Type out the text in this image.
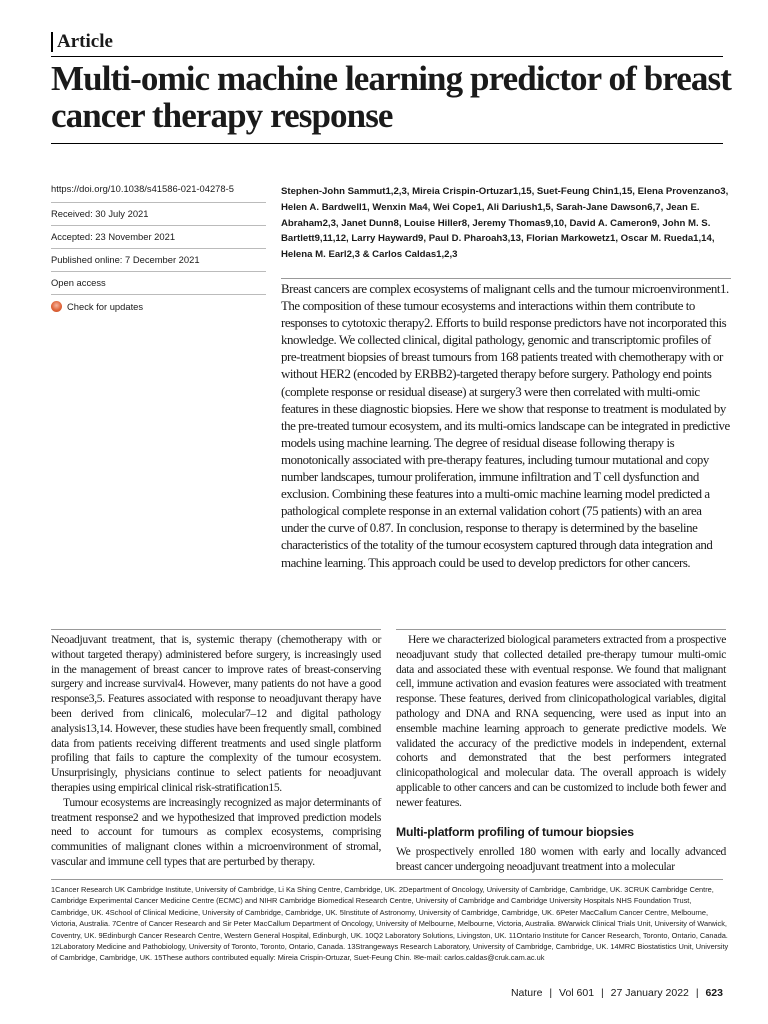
Article
Multi-omic machine learning predictor of breast cancer therapy response
https://doi.org/10.1038/s41586-021-04278-5
Received: 30 July 2021
Accepted: 23 November 2021
Published online: 7 December 2021
Open access
Check for updates
Stephen-John Sammut1,2,3, Mireia Crispin-Ortuzar1,15, Suet-Feung Chin1,15, Elena Provenzano3, Helen A. Bardwell1, Wenxin Ma4, Wei Cope1, Ali Dariush1,5, Sarah-Jane Dawson6,7, Jean E. Abraham2,3, Janet Dunn8, Louise Hiller8, Jeremy Thomas9,10, David A. Cameron9, John M. S. Bartlett9,11,12, Larry Hayward9, Paul D. Pharoah3,13, Florian Markowetz1, Oscar M. Rueda1,14, Helena M. Earl2,3 & Carlos Caldas1,2,3
Breast cancers are complex ecosystems of malignant cells and the tumour microenvironment1. The composition of these tumour ecosystems and interactions within them contribute to responses to cytotoxic therapy2. Efforts to build response predictors have not incorporated this knowledge. We collected clinical, digital pathology, genomic and transcriptomic profiles of pre-treatment biopsies of breast tumours from 168 patients treated with chemotherapy with or without HER2 (encoded by ERBB2)-targeted therapy before surgery. Pathology end points (complete response or residual disease) at surgery3 were then correlated with multi-omic features in these diagnostic biopsies. Here we show that response to treatment is modulated by the pre-treated tumour ecosystem, and its multi-omics landscape can be integrated in predictive models using machine learning. The degree of residual disease following therapy is monotonically associated with pre-therapy features, including tumour mutational and copy number landscapes, tumour proliferation, immune infiltration and T cell dysfunction and exclusion. Combining these features into a multi-omic machine learning model predicted a pathological complete response in an external validation cohort (75 patients) with an area under the curve of 0.87. In conclusion, response to therapy is determined by the baseline characteristics of the totality of the tumour ecosystem captured through data integration and machine learning. This approach could be used to develop predictors for other cancers.

Neoadjuvant treatment, that is, systemic therapy (chemotherapy with or without targeted therapy) administered before surgery, is increasingly used in the management of breast cancer to improve rates of breast-conserving surgery and increase survival4. However, many patients do not have a good response3,5. Features associated with response to neoadjuvant therapy have been derived from clinical6, molecular7–12 and digital pathology analysis13,14. However, these studies have been frequently small, combined data from patients receiving different treatments and used single platform profiling that fails to capture the complexity of the tumour ecosystem. Unsurprisingly, physicians continue to select patients for neoadjuvant therapies using empirical clinical risk-stratification15.

Tumour ecosystems are increasingly recognized as major determinants of treatment response2 and we hypothesized that improved prediction models need to account for tumours as complex ecosystems, comprising communities of malignant clones within a microenvironment of stromal, vascular and immune cell types that are perturbed by therapy.

Here we characterized biological parameters extracted from a prospective neoadjuvant study that collected detailed pre-therapy tumour multi-omic data and associated these with eventual response. We found that malignant cell, immune activation and evasion features were associated with treatment response. These features, derived from clinicopathological variables, digital pathology and DNA and RNA sequencing, were used as input into an ensemble machine learning approach to generate predictive models. We validated the accuracy of the predictive models in independent, external cohorts and demonstrated that the best performers integrated clinicopathological and molecular data. The overall approach is widely applicable to other cancers and can be customized to include both fewer and newer features.

Multi-platform profiling of tumour biopsies

We prospectively enrolled 180 women with early and locally advanced breast cancer undergoing neoadjuvant treatment into a molecular

1Cancer Research UK Cambridge Institute, University of Cambridge, Li Ka Shing Centre, Cambridge, UK. 2Department of Oncology, University of Cambridge, Cambridge, UK. 3CRUK Cambridge Centre, Cambridge Experimental Cancer Medicine Centre (ECMC) and NIHR Cambridge Biomedical Research Centre, University of Cambridge and Cambridge University Hospitals NHS Foundation Trust, Cambridge, UK. 4School of Clinical Medicine, University of Cambridge, Cambridge, UK. 5Institute of Astronomy, University of Cambridge, Cambridge, UK. 6Peter MacCallum Cancer Centre, Melbourne, Victoria, Australia. 7Centre of Cancer Research and Sir Peter MacCallum Department of Oncology, University of Melbourne, Melbourne, Victoria, Australia. 8Warwick Clinical Trials Unit, University of Warwick, Coventry, UK. 9Edinburgh Cancer Research Centre, Western General Hospital, Edinburgh, UK. 10Q2 Laboratory Solutions, Livingston, UK. 11Ontario Institute for Cancer Research, Toronto, Ontario, Canada. 12Laboratory Medicine and Pathobiology, University of Toronto, Toronto, Ontario, Canada. 13Strangeways Research Laboratory, University of Cambridge, Cambridge, UK. 14MRC Biostatistics Unit, University of Cambridge, Cambridge, UK. 15These authors contributed equally: Mireia Crispin-Ortuzar, Suet-Feung Chin. ✉e-mail: carlos.caldas@cruk.cam.ac.uk
Nature | Vol 601 | 27 January 2022 | 623
